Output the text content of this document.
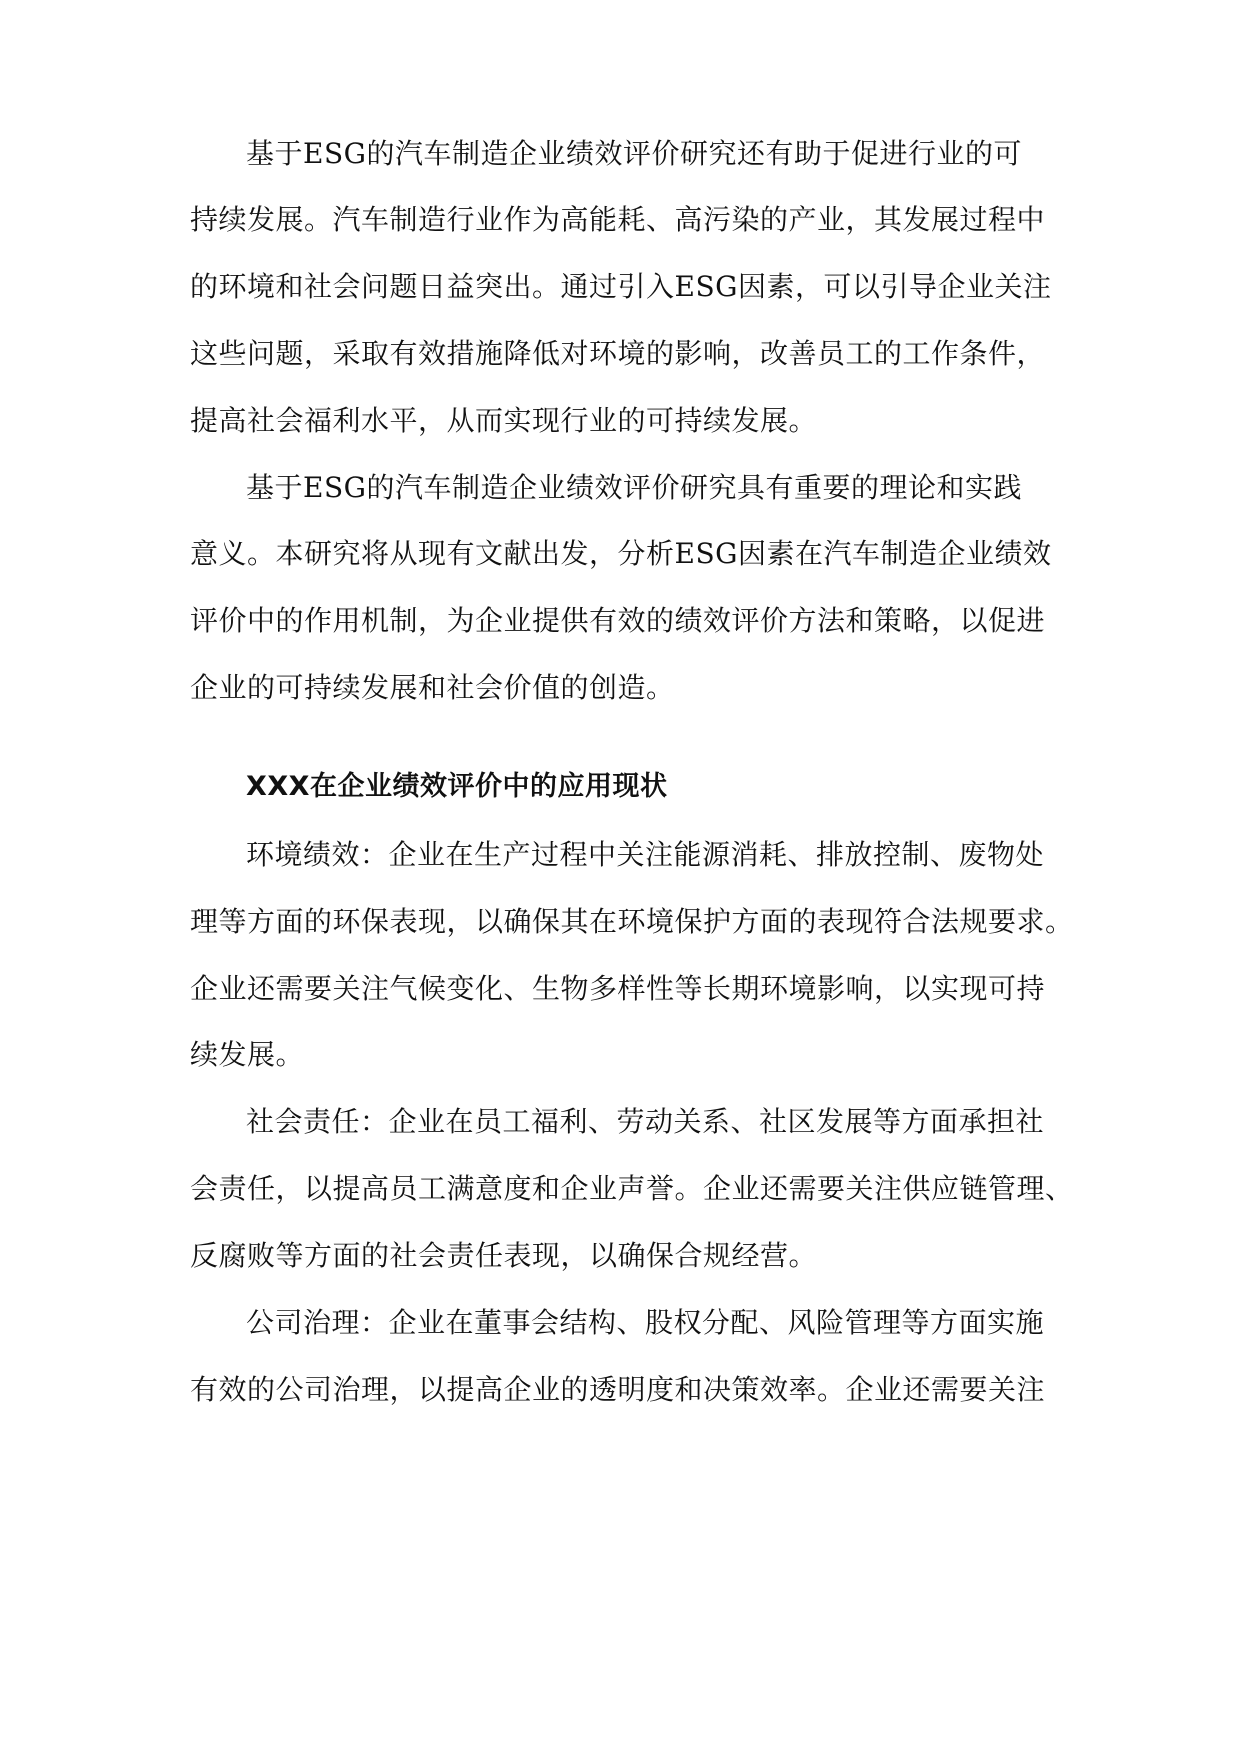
基于ESG的汽车制造企业绩效评价研究还有助于促进行业的可

持续发展。汽车制造行业作为高能耗、高污染的产业，其发展过程中

的环境和社会问题日益突出。通过引入ESG因素，可以引导企业关注

这些问题，采取有效措施降低对环境的影响，改善员工的工作条件，

提高社会福利水平，从而实现行业的可持续发展。

基于ESG的汽车制造企业绩效评价研究具有重要的理论和实践

意义。本研究将从现有文献出发，分析ESG因素在汽车制造企业绩效

评价中的作用机制，为企业提供有效的绩效评价方法和策略，以促进

企业的可持续发展和社会价值的创造。

XXX在企业绩效评价中的应用现状

环境绩效：企业在生产过程中关注能源消耗、排放控制、废物处

理等方面的环保表现，以确保其在环境保护方面的表现符合法规要求。

企业还需要关注气候变化、生物多样性等长期环境影响，以实现可持

续发展。

社会责任：企业在员工福利、劳动关系、社区发展等方面承担社

会责任，以提高员工满意度和企业声誉。企业还需要关注供应链管理、

反腐败等方面的社会责任表现，以确保合规经营。

公司治理：企业在董事会结构、股权分配、风险管理等方面实施

有效的公司治理，以提高企业的透明度和决策效率。企业还需要关注
